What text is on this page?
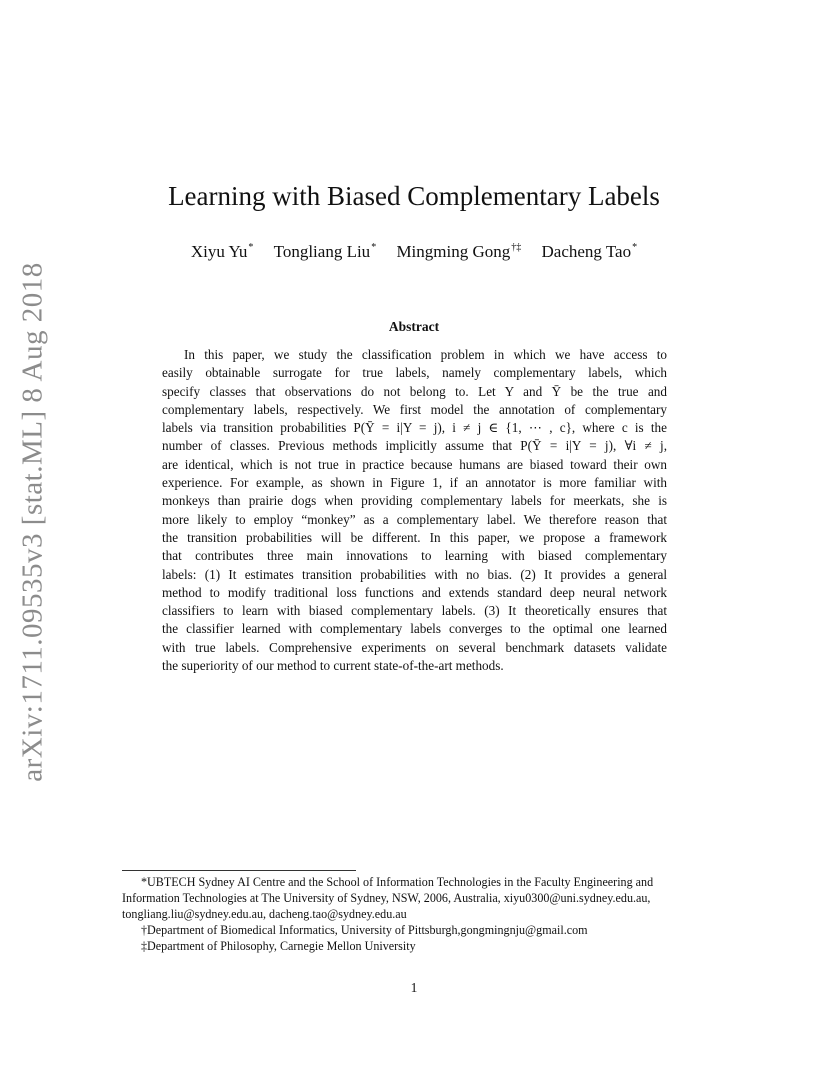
arXiv:1711.09535v3 [stat.ML] 8 Aug 2018
Learning with Biased Complementary Labels
Xiyu Yu* Tongliang Liu* Mingming Gong†‡ Dacheng Tao*
Abstract
In this paper, we study the classification problem in which we have access to
easily obtainable surrogate for true labels, namely complementary labels, which
specify classes that observations do not belong to. Let Y and Ȳ be the true and
complementary labels, respectively. We first model the annotation of complementary
labels via transition probabilities P(Ȳ = i|Y = j), i ≠ j ∈ {1, ⋯ , c}, where c is the
number of classes. Previous methods implicitly assume that P(Ȳ = i|Y = j), ∀i ≠ j,
are identical, which is not true in practice because humans are biased toward their own
experience. For example, as shown in Figure 1, if an annotator is more familiar with
monkeys than prairie dogs when providing complementary labels for meerkats, she is
more likely to employ “monkey” as a complementary label. We therefore reason that
the transition probabilities will be different. In this paper, we propose a framework
that contributes three main innovations to learning with biased complementary
labels: (1) It estimates transition probabilities with no bias. (2) It provides a general
method to modify traditional loss functions and extends standard deep neural network
classifiers to learn with biased complementary labels. (3) It theoretically ensures that
the classifier learned with complementary labels converges to the optimal one learned
with true labels. Comprehensive experiments on several benchmark datasets validate
the superiority of our method to current state-of-the-art methods.
*UBTECH Sydney AI Centre and the School of Information Technologies in the Faculty Engineering and
Information Technologies at The University of Sydney, NSW, 2006, Australia, xiyu0300@uni.sydney.edu.au,
tongliang.liu@sydney.edu.au, dacheng.tao@sydney.edu.au
†Department of Biomedical Informatics, University of Pittsburgh,gongmingnju@gmail.com
‡Department of Philosophy, Carnegie Mellon University
1
